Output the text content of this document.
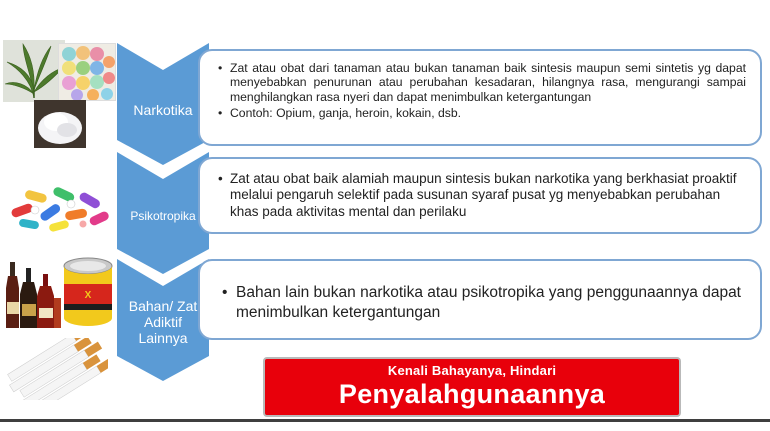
Narkotika
Psikotropika
Bahan/ Zat Adiktif Lainnya
• Zat atau obat dari tanaman atau bukan tanaman baik sintesis maupun semi sintetis yg dapat menyebabkan penurunan atau perubahan kesadaran, hilangnya rasa, mengurangi sampai menghilangkan rasa nyeri dan dapat menimbulkan ketergantungan
• Contoh: Opium, ganja, heroin, kokain, dsb.
• Zat atau obat baik alamiah maupun sintesis bukan narkotika yang berkhasiat proaktif melalui pengaruh selektif pada susunan syaraf pusat yg menyebabkan perubahan khas pada aktivitas mental dan perilaku
• Bahan lain bukan narkotika atau psikotropika yang penggunaannya dapat menimbulkan ketergantungan
X
Kenali Bahayanya, Hindari
Penyalahgunaannya
